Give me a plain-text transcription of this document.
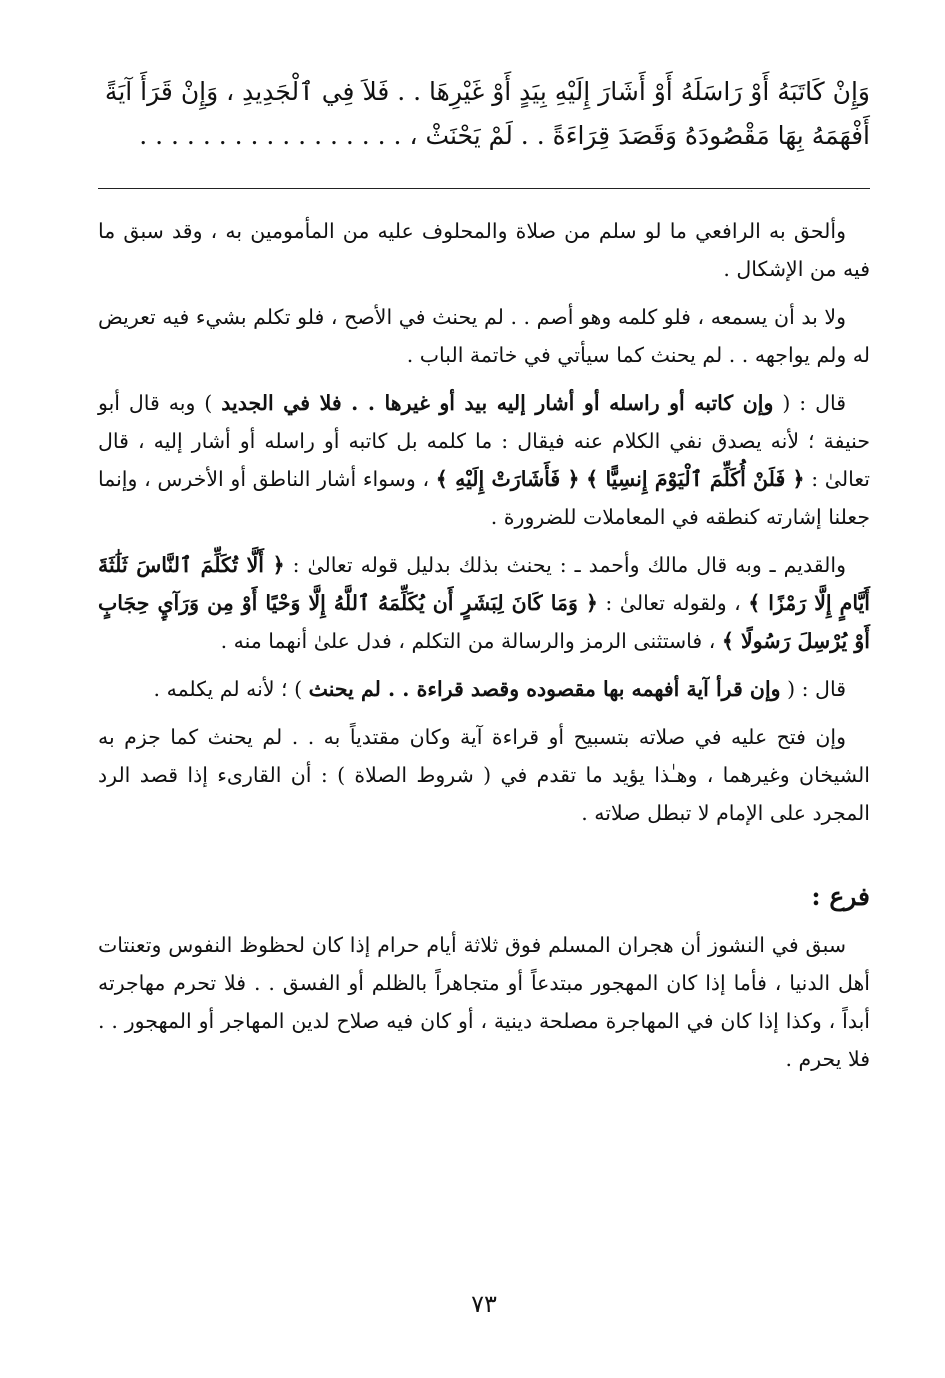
وَإِنْ كَاتَبَهُ أَوْ رَاسَلَهُ أَوْ أَشَارَ إِلَيْهِ بِيَدٍ أَوْ غَيْرِهَا . . فَلاَ فِي ٱلْجَدِيدِ ، وَإِنْ قَرَأَ آيَةً

أَفْهَمَهُ بِهَا مَقْصُودَهُ وَقَصَدَ قِرَاءَةً . . لَمْ يَحْنَثْ ، . . . . . . . . . . . . . . . . .

وألحق به الرافعي ما لو سلم من صلاة والمحلوف عليه من المأمومين به ، وقد سبق ما فيه من الإشكال .

ولا بد أن يسمعه ، فلو كلمه وهو أصم . . لم يحنث في الأصح ، فلو تكلم بشيء فيه تعريض له ولم يواجهه . . لم يحنث كما سيأتي في خاتمة الباب .

قال : ( وإن كاتبه أو راسله أو أشار إليه بيد أو غيرها . . فلا في الجديد ) وبه قال أبو حنيفة ؛ لأنه يصدق نفي الكلام عنه فيقال : ما كلمه بل كاتبه أو راسله أو أشار إليه ، قال تعالىٰ : ﴿ فَلَنْ أُكَلِّمَ ٱلْيَوْمَ إِنسِيًّا ﴾ ﴿ فَأَشَارَتْ إِلَيْهِ ﴾ ، وسواء أشار الناطق أو الأخرس ، وإنما جعلنا إشارته كنطقه في المعاملات للضرورة .

والقديم ـ وبه قال مالك وأحمد ـ : يحنث بذلك بدليل قوله تعالىٰ : ﴿ أَلَّا تُكَلِّمَ ٱلنَّاسَ ثَلَٰثَةَ أَيَّامٍ إِلَّا رَمْزًا ﴾ ، ولقوله تعالىٰ : ﴿ وَمَا كَانَ لِبَشَرٍ أَن يُكَلِّمَهُ ٱللَّهُ إِلَّا وَحْيًا أَوْ مِن وَرَآيِٕ حِجَابٍ أَوْ يُرْسِلَ رَسُولًا ﴾ ، فاستثنى الرمز والرسالة من التكلم ، فدل علىٰ أنهما منه .

قال : ( وإن قرأ آية أفهمه بها مقصوده وقصد قراءة . . لم يحنث ) ؛ لأنه لم يكلمه .

وإن فتح عليه في صلاته بتسبيح أو قراءة آية وكان مقتدياً به . . لم يحنث كما جزم به الشيخان وغيرهما ، وهـٰذا يؤيد ما تقدم في ( شروط الصلاة ) : أن القارىء إذا قصد الرد المجرد على الإمام لا تبطل صلاته .

فرع :

سبق في النشوز أن هجران المسلم فوق ثلاثة أيام حرام إذا كان لحظوظ النفوس وتعنتات أهل الدنيا ، فأما إذا كان المهجور مبتدعاً أو متجاهراً بالظلم أو الفسق . . فلا تحرم مهاجرته أبداً ، وكذا إذا كان في المهاجرة مصلحة دينية ، أو كان فيه صلاح لدين المهاجر أو المهجور . . فلا يحرم .

٧٣
